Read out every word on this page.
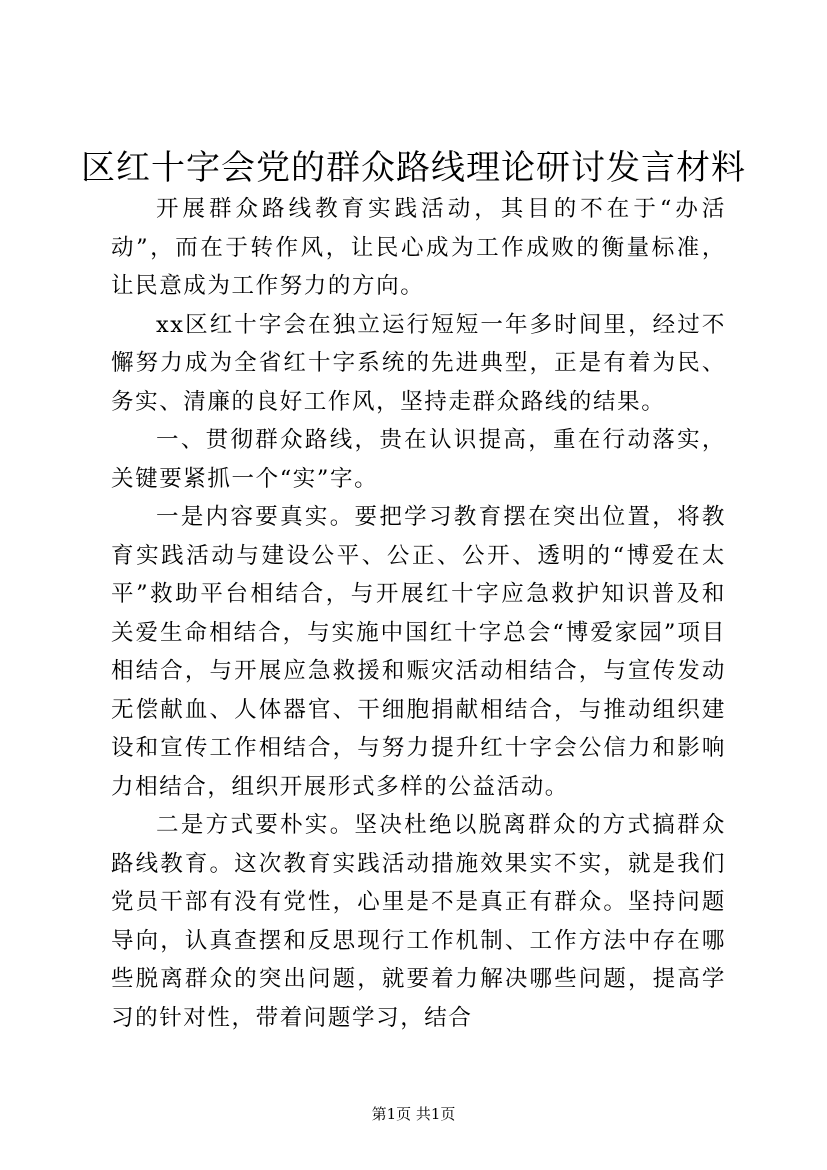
区红十字会党的群众路线理论研讨发言材料

开展群众路线教育实践活动，其目的不在于“办活动”，而在于转作风，让民心成为工作成败的衡量标准，让民意成为工作努力的方向。

xx区红十字会在独立运行短短一年多时间里，经过不懈努力成为全省红十字系统的先进典型，正是有着为民、务实、清廉的良好工作风，坚持走群众路线的结果。

一、贯彻群众路线，贵在认识提高，重在行动落实，关键要紧抓一个“实”字。

一是内容要真实。要把学习教育摆在突出位置，将教育实践活动与建设公平、公正、公开、透明的“博爱在太平”救助平台相结合，与开展红十字应急救护知识普及和关爱生命相结合，与实施中国红十字总会“博爱家园”项目相结合，与开展应急救援和赈灾活动相结合，与宣传发动无偿献血、人体器官、干细胞捐献相结合，与推动组织建设和宣传工作相结合，与努力提升红十字会公信力和影响力相结合，组织开展形式多样的公益活动。

二是方式要朴实。坚决杜绝以脱离群众的方式搞群众路线教育。这次教育实践活动措施效果实不实，就是我们党员干部有没有党性，心里是不是真正有群众。坚持问题导向，认真查摆和反思现行工作机制、工作方法中存在哪些脱离群众的突出问题，就要着力解决哪些问题，提高学习的针对性，带着问题学习，结合

第1页 共1页
